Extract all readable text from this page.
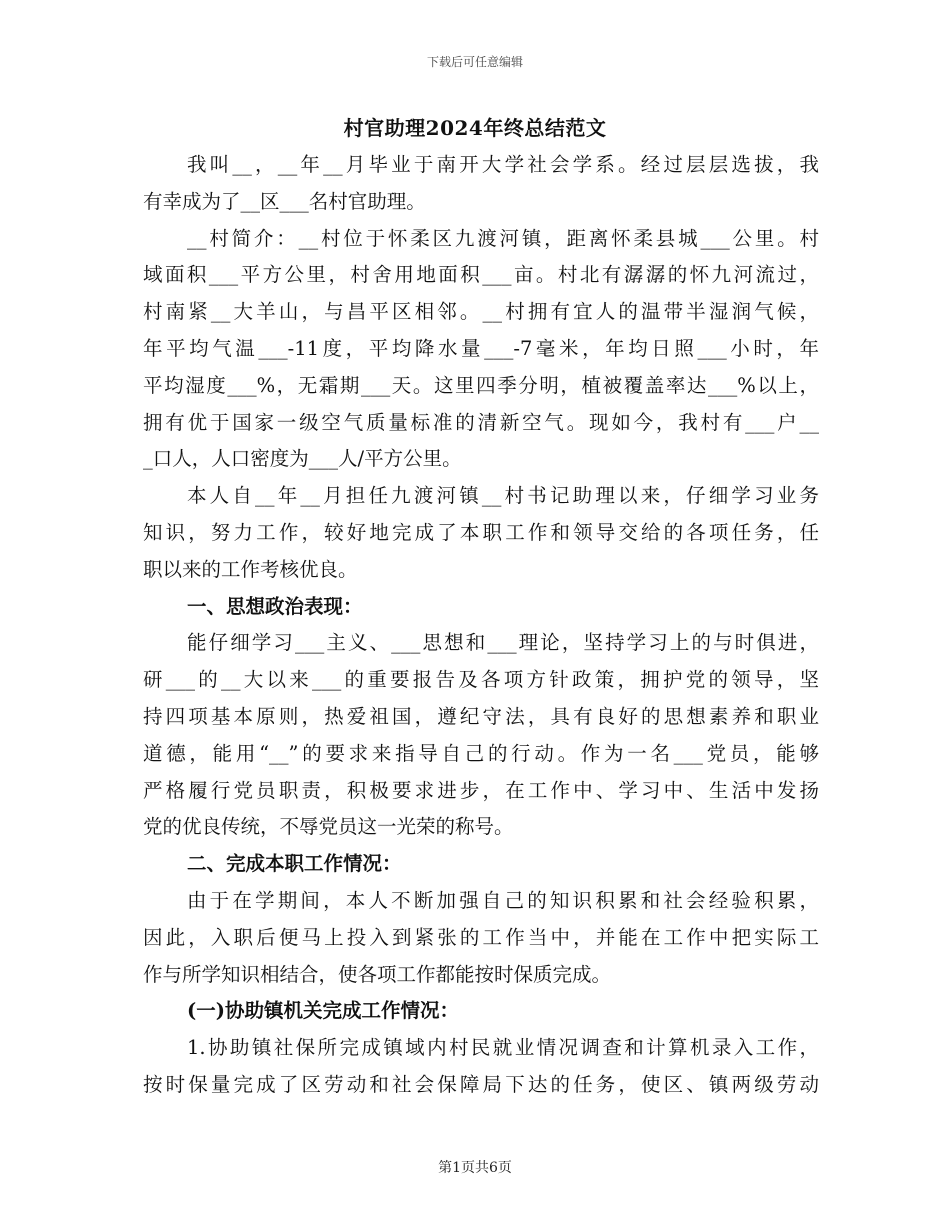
下载后可任意编辑
村官助理2024年终总结范文
我叫__，__年__月毕业于南开大学社会学系。经过层层选拔，我
有幸成为了__区___名村官助理。
__村简介：__村位于怀柔区九渡河镇，距离怀柔县城___公里。村
域面积___平方公里，村舍用地面积___亩。村北有潺潺的怀九河流过，
村南紧__大羊山，与昌平区相邻。__村拥有宜人的温带半湿润气候，
年平均气温___-11度，平均降水量___-7毫米，年均日照___小时，年
平均湿度___%，无霜期___天。这里四季分明，植被覆盖率达___%以上，
拥有优于国家一级空气质量标准的清新空气。现如今，我村有___户__
_口人，人口密度为___人/平方公里。
本人自__年__月担任九渡河镇__村书记助理以来，仔细学习业务
知识，努力工作，较好地完成了本职工作和领导交给的各项任务，任
职以来的工作考核优良。
一、思想政治表现：
能仔细学习___主义、___思想和___理论，坚持学习上的与时俱进，
研___的__大以来___的重要报告及各项方针政策，拥护党的领导，坚
持四项基本原则，热爱祖国，遵纪守法，具有良好的思想素养和职业
道德，能用“__”的要求来指导自己的行动。作为一名___党员，能够
严格履行党员职责，积极要求进步，在工作中、学习中、生活中发扬
党的优良传统，不辱党员这一光荣的称号。
二、完成本职工作情况：
由于在学期间，本人不断加强自己的知识积累和社会经验积累，
因此，入职后便马上投入到紧张的工作当中，并能在工作中把实际工
作与所学知识相结合，使各项工作都能按时保质完成。
(一)协助镇机关完成工作情况：
1.协助镇社保所完成镇域内村民就业情况调查和计算机录入工作，
按时保量完成了区劳动和社会保障局下达的任务，使区、镇两级劳动
第1页共6页
